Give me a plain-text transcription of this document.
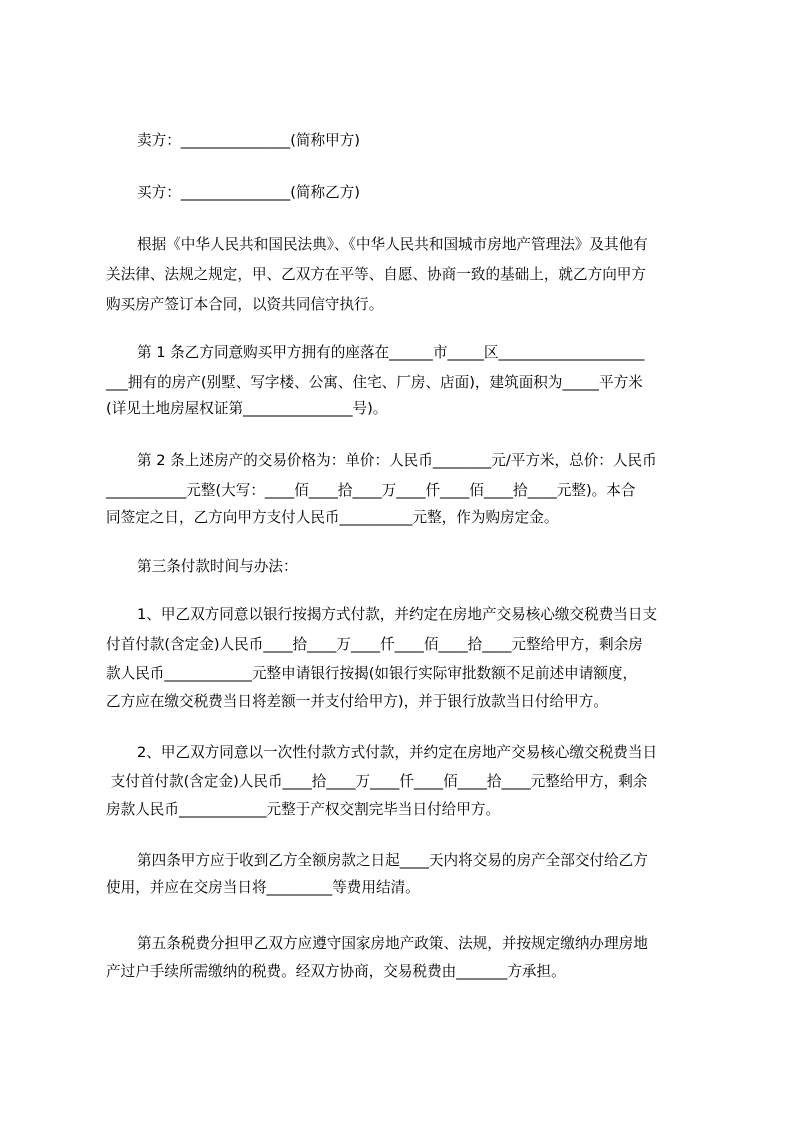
卖方：_______________(简称甲方)
买方：_______________(简称乙方)
根据《中华人民共和国民法典》、《中华人民共和国城市房地产管理法》及其他有
关法律、法规之规定，甲、乙双方在平等、自愿、协商一致的基础上，就乙方向甲方
购买房产签订本合同，以资共同信守执行。
第 1 条乙方同意购买甲方拥有的座落在______市_____区____________________
___拥有的房产(别墅、写字楼、公寓、住宅、厂房、店面)，建筑面积为_____平方米
(详见土地房屋权证第_______________号)。
第 2 条上述房产的交易价格为：单价：人民币________元/平方米，总价：人民币
___________元整(大写：____佰____拾____万____仟____佰____拾____元整)。本合
同签定之日，乙方向甲方支付人民币__________元整，作为购房定金。
第三条付款时间与办法：
1、甲乙双方同意以银行按揭方式付款，并约定在房地产交易核心缴交税费当日支
付首付款(含定金)人民币____拾____万____仟____佰____拾____元整给甲方，剩余房
款人民币____________元整申请银行按揭(如银行实际审批数额不足前述申请额度，
乙方应在缴交税费当日将差额一并支付给甲方)，并于银行放款当日付给甲方。
2、甲乙双方同意以一次性付款方式付款，并约定在房地产交易核心缴交税费当日
支付首付款(含定金)人民币____拾____万____仟____佰____拾____元整给甲方，剩余
房款人民币____________元整于产权交割完毕当日付给甲方。
第四条甲方应于收到乙方全额房款之日起____天内将交易的房产全部交付给乙方
使用，并应在交房当日将_________等费用结清。
第五条税费分担甲乙双方应遵守国家房地产政策、法规，并按规定缴纳办理房地
产过户手续所需缴纳的税费。经双方协商，交易税费由_______方承担。
